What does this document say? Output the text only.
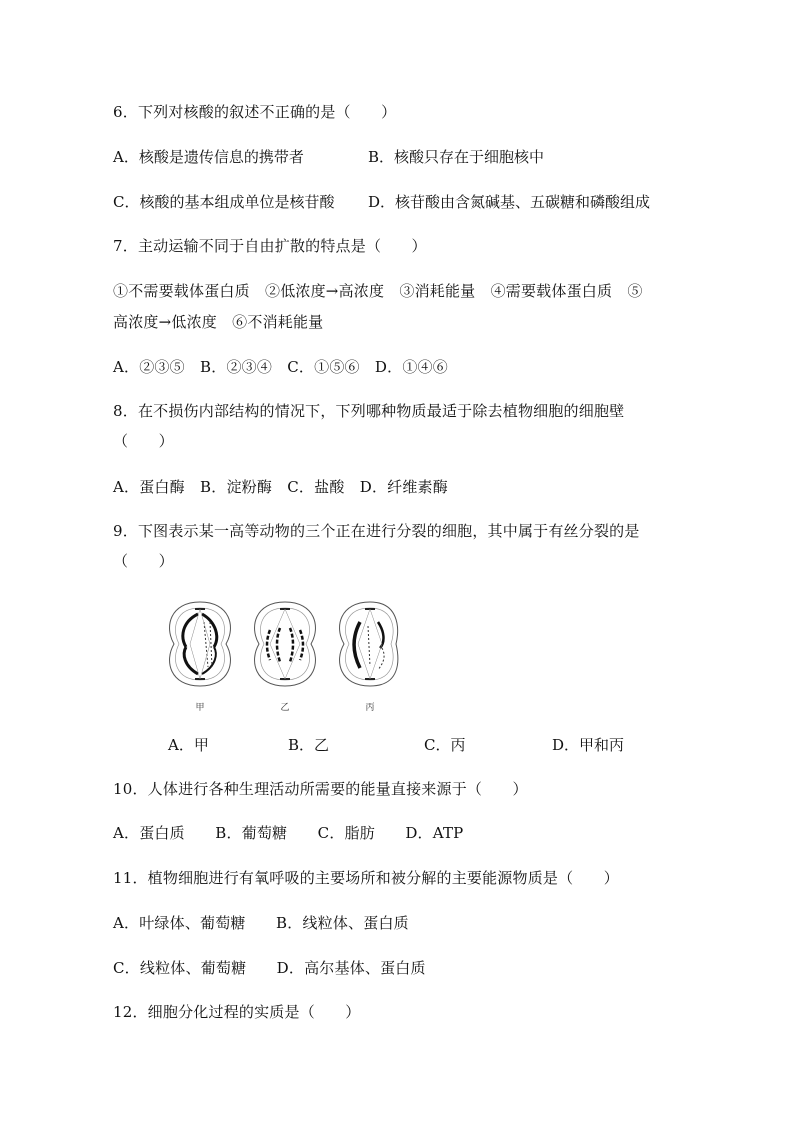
6．下列对核酸的叙述不正确的是（　　）
A．核酸是遗传信息的携带者	B．核酸只存在于细胞核中
C．核酸的基本组成单位是核苷酸 D．核苷酸由含氮碱基、五碳糖和磷酸组成
7．主动运输不同于自由扩散的特点是（　　）
①不需要载体蛋白质　②低浓度→高浓度　③消耗能量　④需要载体蛋白质　⑤
高浓度→低浓度　⑥不消耗能量
A．②③⑤　B．②③④　C．①⑤⑥　D．①④⑥
8．在不损伤内部结构的情况下，下列哪种物质最适于除去植物细胞的细胞壁
（　　）
A．蛋白酶　B．淀粉酶　C．盐酸　D．纤维素酶
9．下图表示某一高等动物的三个正在进行分裂的细胞，其中属于有丝分裂的是
（　　）
甲	乙	丙
A．甲	B．乙	C．丙	D．甲和丙
10．人体进行各种生理活动所需要的能量直接来源于（　　）
A．蛋白质　　B．葡萄糖　　C．脂肪　　D．ATP
11．植物细胞进行有氧呼吸的主要场所和被分解的主要能源物质是（　　）
A．叶绿体、葡萄糖　　B．线粒体、蛋白质
C．线粒体、葡萄糖　　D．高尔基体、蛋白质
12．细胞分化过程的实质是（　　）
